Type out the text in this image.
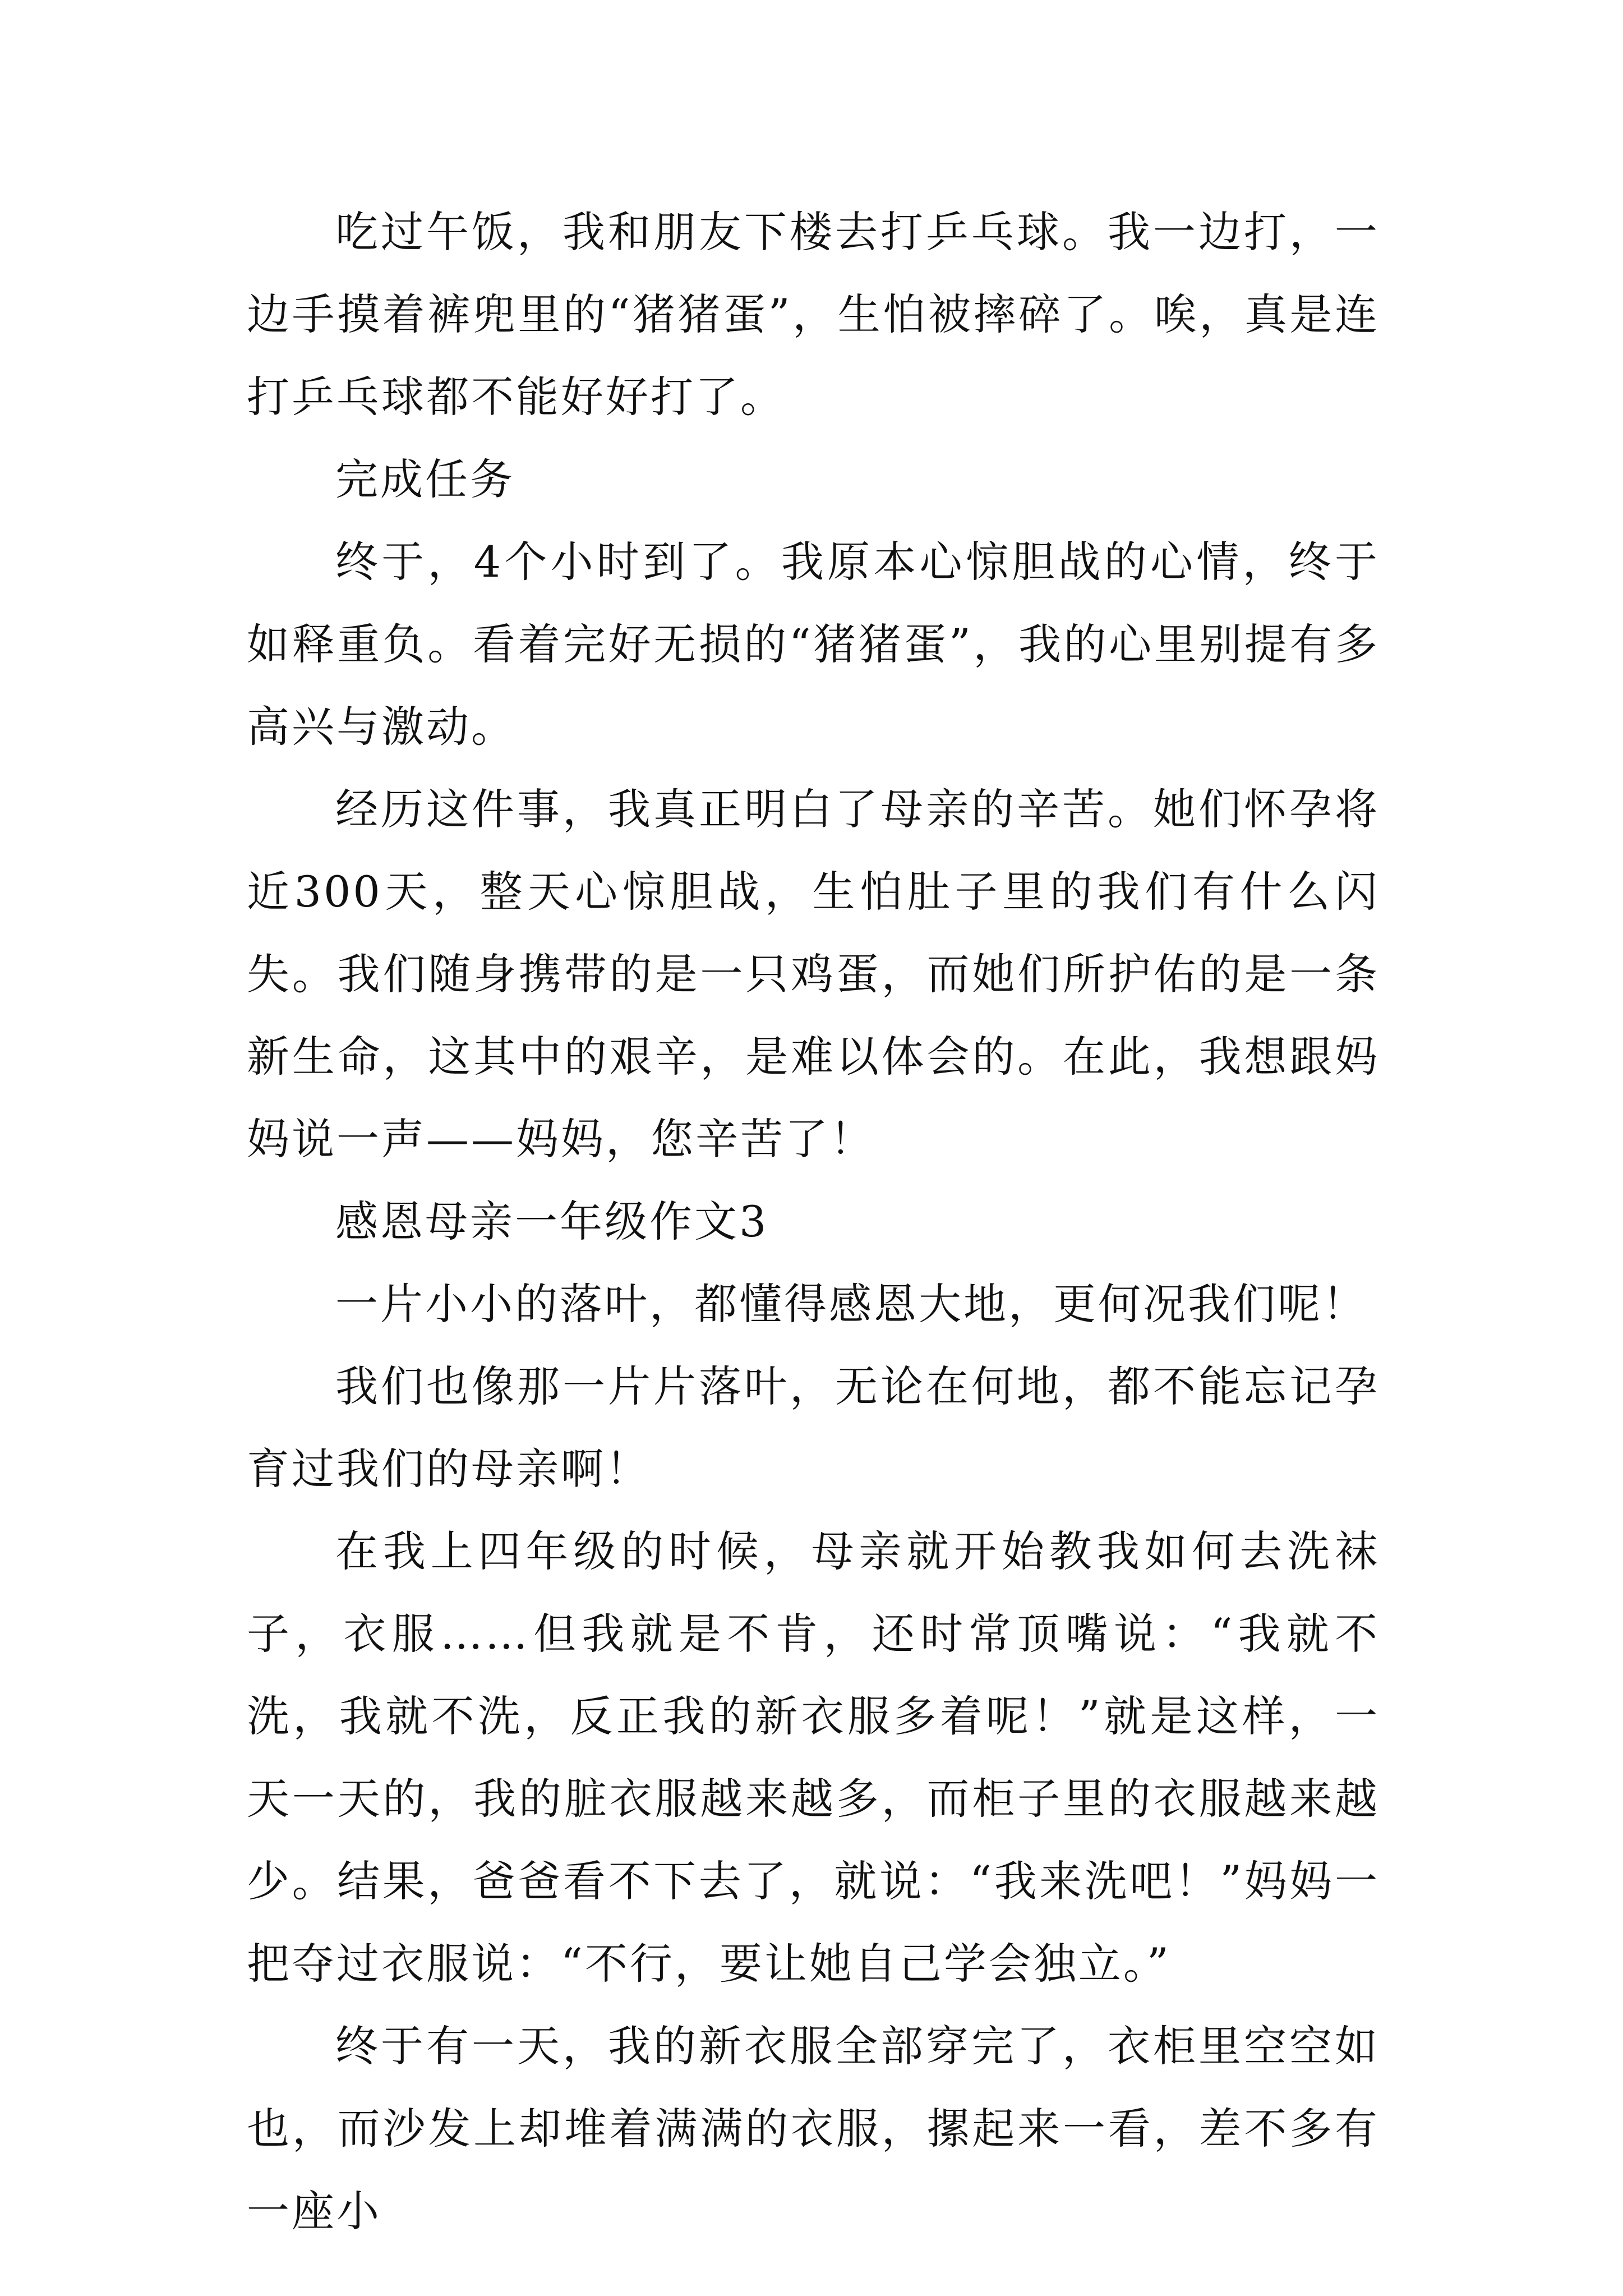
吃过午饭，我和朋友下楼去打乒乓球。我一边打，一边手摸着裤兜里的“猪猪蛋”，生怕被摔碎了。唉，真是连打乒乓球都不能好好打了。

完成任务

终于，4个小时到了。我原本心惊胆战的心情，终于如释重负。看着完好无损的“猪猪蛋”，我的心里别提有多高兴与激动。

经历这件事，我真正明白了母亲的辛苦。她们怀孕将近300天，整天心惊胆战，生怕肚子里的我们有什么闪失。我们随身携带的是一只鸡蛋，而她们所护佑的是一条新生命，这其中的艰辛，是难以体会的。在此，我想跟妈妈说一声——妈妈，您辛苦了！

感恩母亲一年级作文3

一片小小的落叶，都懂得感恩大地，更何况我们呢！

我们也像那一片片落叶，无论在何地，都不能忘记孕育过我们的母亲啊！

在我上四年级的时候，母亲就开始教我如何去洗袜子，衣服……但我就是不肯，还时常顶嘴说：“我就不洗，我就不洗，反正我的新衣服多着呢！”就是这样，一天一天的，我的脏衣服越来越多，而柜子里的衣服越来越少。结果，爸爸看不下去了，就说：“我来洗吧！”妈妈一把夺过衣服说：“不行，要让她自己学会独立。”

终于有一天，我的新衣服全部穿完了，衣柜里空空如也，而沙发上却堆着满满的衣服，摞起来一看，差不多有一座小
